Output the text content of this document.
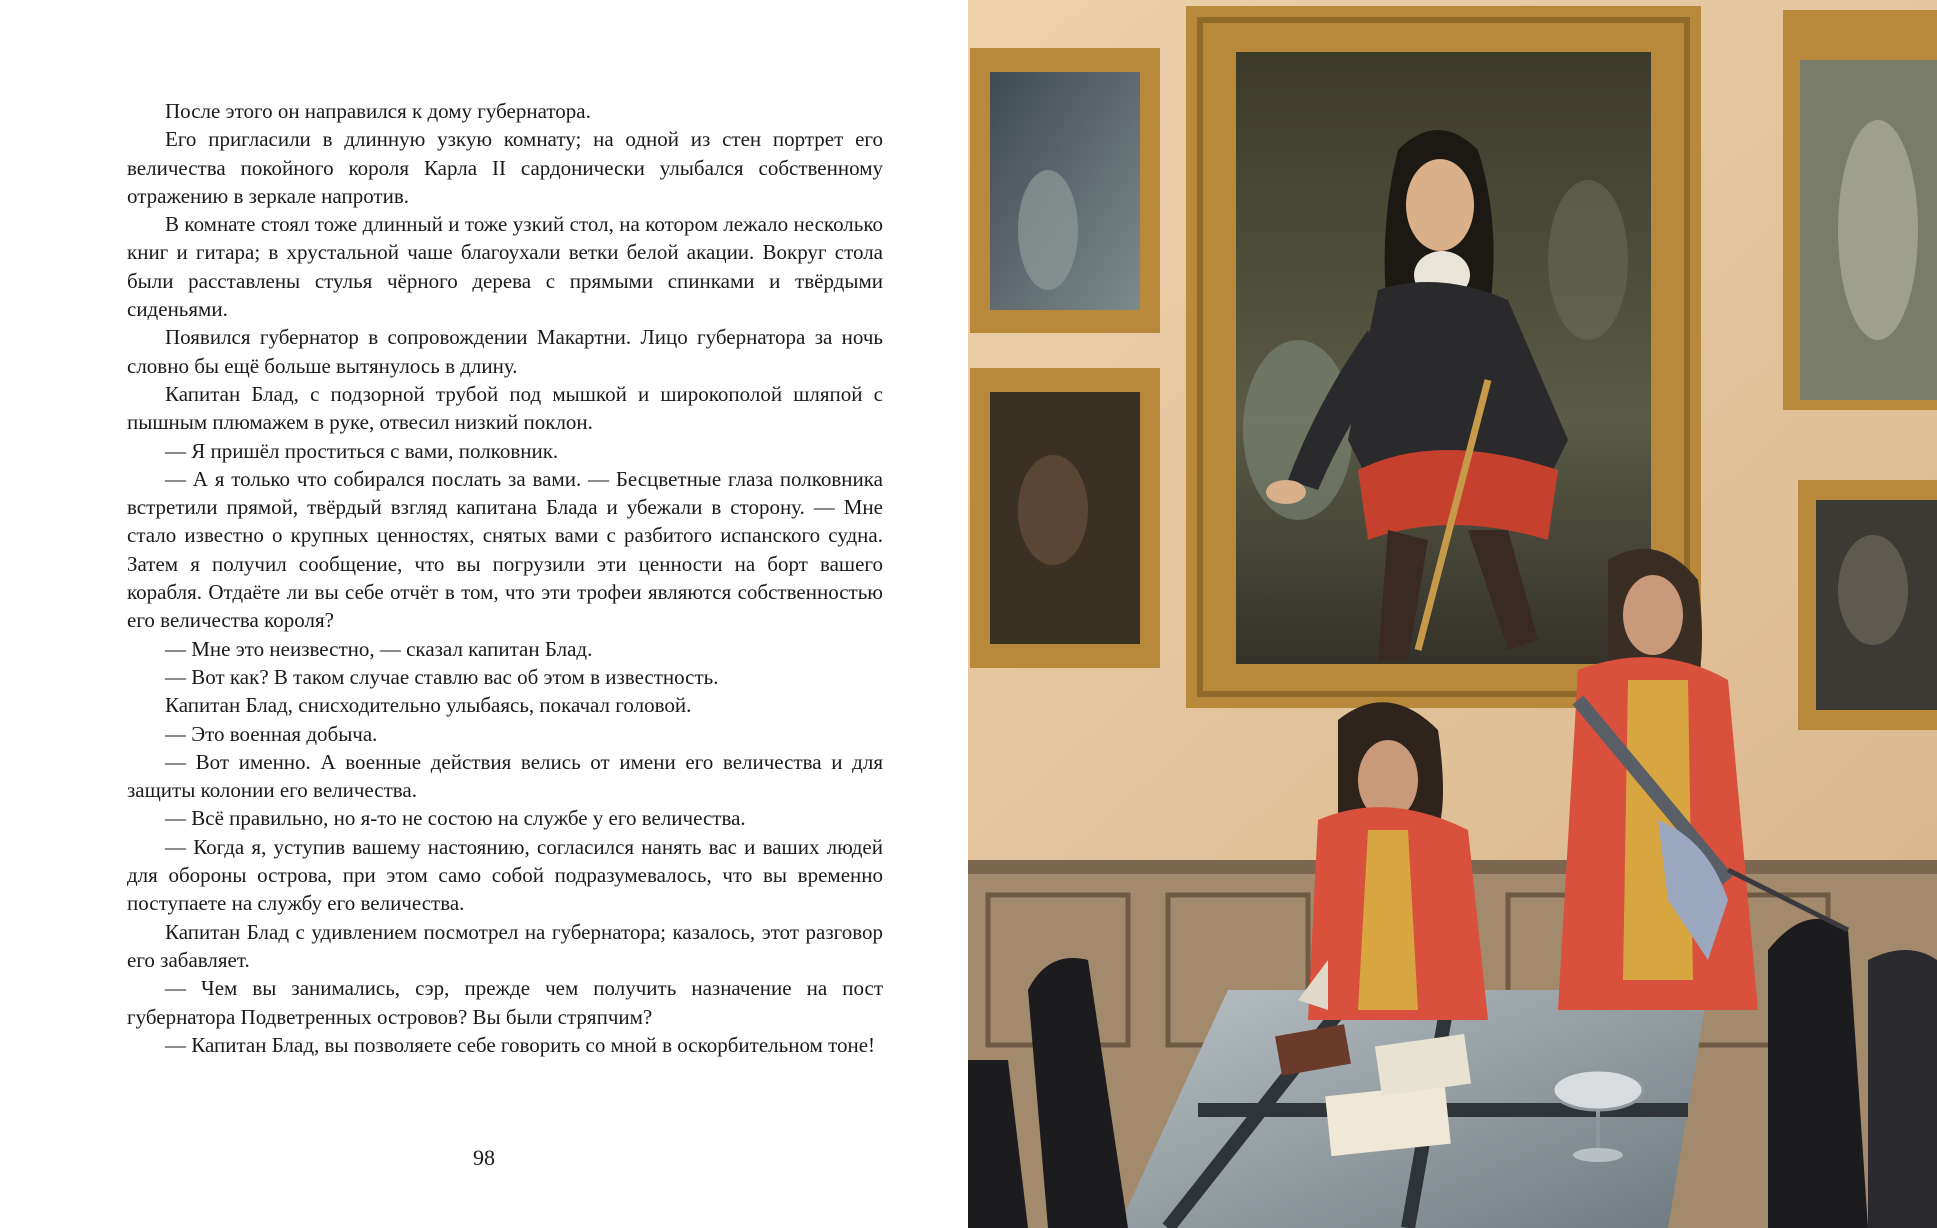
После этого он направился к дому губернатора.

Его пригласили в длинную узкую комнату; на одной из стен портрет его величества покойного короля Карла II сардонически улыбался собственному отражению в зеркале напротив.

В комнате стоял тоже длинный и тоже узкий стол, на котором лежало несколько книг и гитара; в хрустальной чаше благоухали ветки белой акации. Вокруг стола были расставлены стулья чёрного дерева с прямыми спинками и твёрдыми сиденьями.

Появился губернатор в сопровождении Макартни. Лицо губернатора за ночь словно бы ещё больше вытянулось в длину.

Капитан Блад, с подзорной трубой под мышкой и широкополой шляпой с пышным плюмажем в руке, отвесил низкий поклон.

— Я пришёл проститься с вами, полковник.

— А я только что собирался послать за вами. — Бесцветные глаза полковника встретили прямой, твёрдый взгляд капитана Блада и убежали в сторону. — Мне стало известно о крупных ценностях, снятых вами с разбитого испанского судна. Затем я получил сообщение, что вы погрузили эти ценности на борт вашего корабля. Отдаёте ли вы себе отчёт в том, что эти трофеи являются собственностью его величества короля?

— Мне это неизвестно, — сказал капитан Блад.

— Вот как? В таком случае ставлю вас об этом в известность.

Капитан Блад, снисходительно улыбаясь, покачал головой.

— Это военная добыча.

— Вот именно. А военные действия велись от имени его величества и для защиты колонии его величества.

— Всё правильно, но я-то не состою на службе у его величества.

— Когда я, уступив вашему настоянию, согласился нанять вас и ваших людей для обороны острова, при этом само собой подразумевалось, что вы временно поступаете на службу его величества.

Капитан Блад с удивлением посмотрел на губернатора; казалось, этот разговор его забавляет.

— Чем вы занимались, сэр, прежде чем получить назначение на пост губернатора Подветренных островов? Вы были стряпчим?

— Капитан Блад, вы позволяете себе говорить со мной в оскорбительном тоне!

98
